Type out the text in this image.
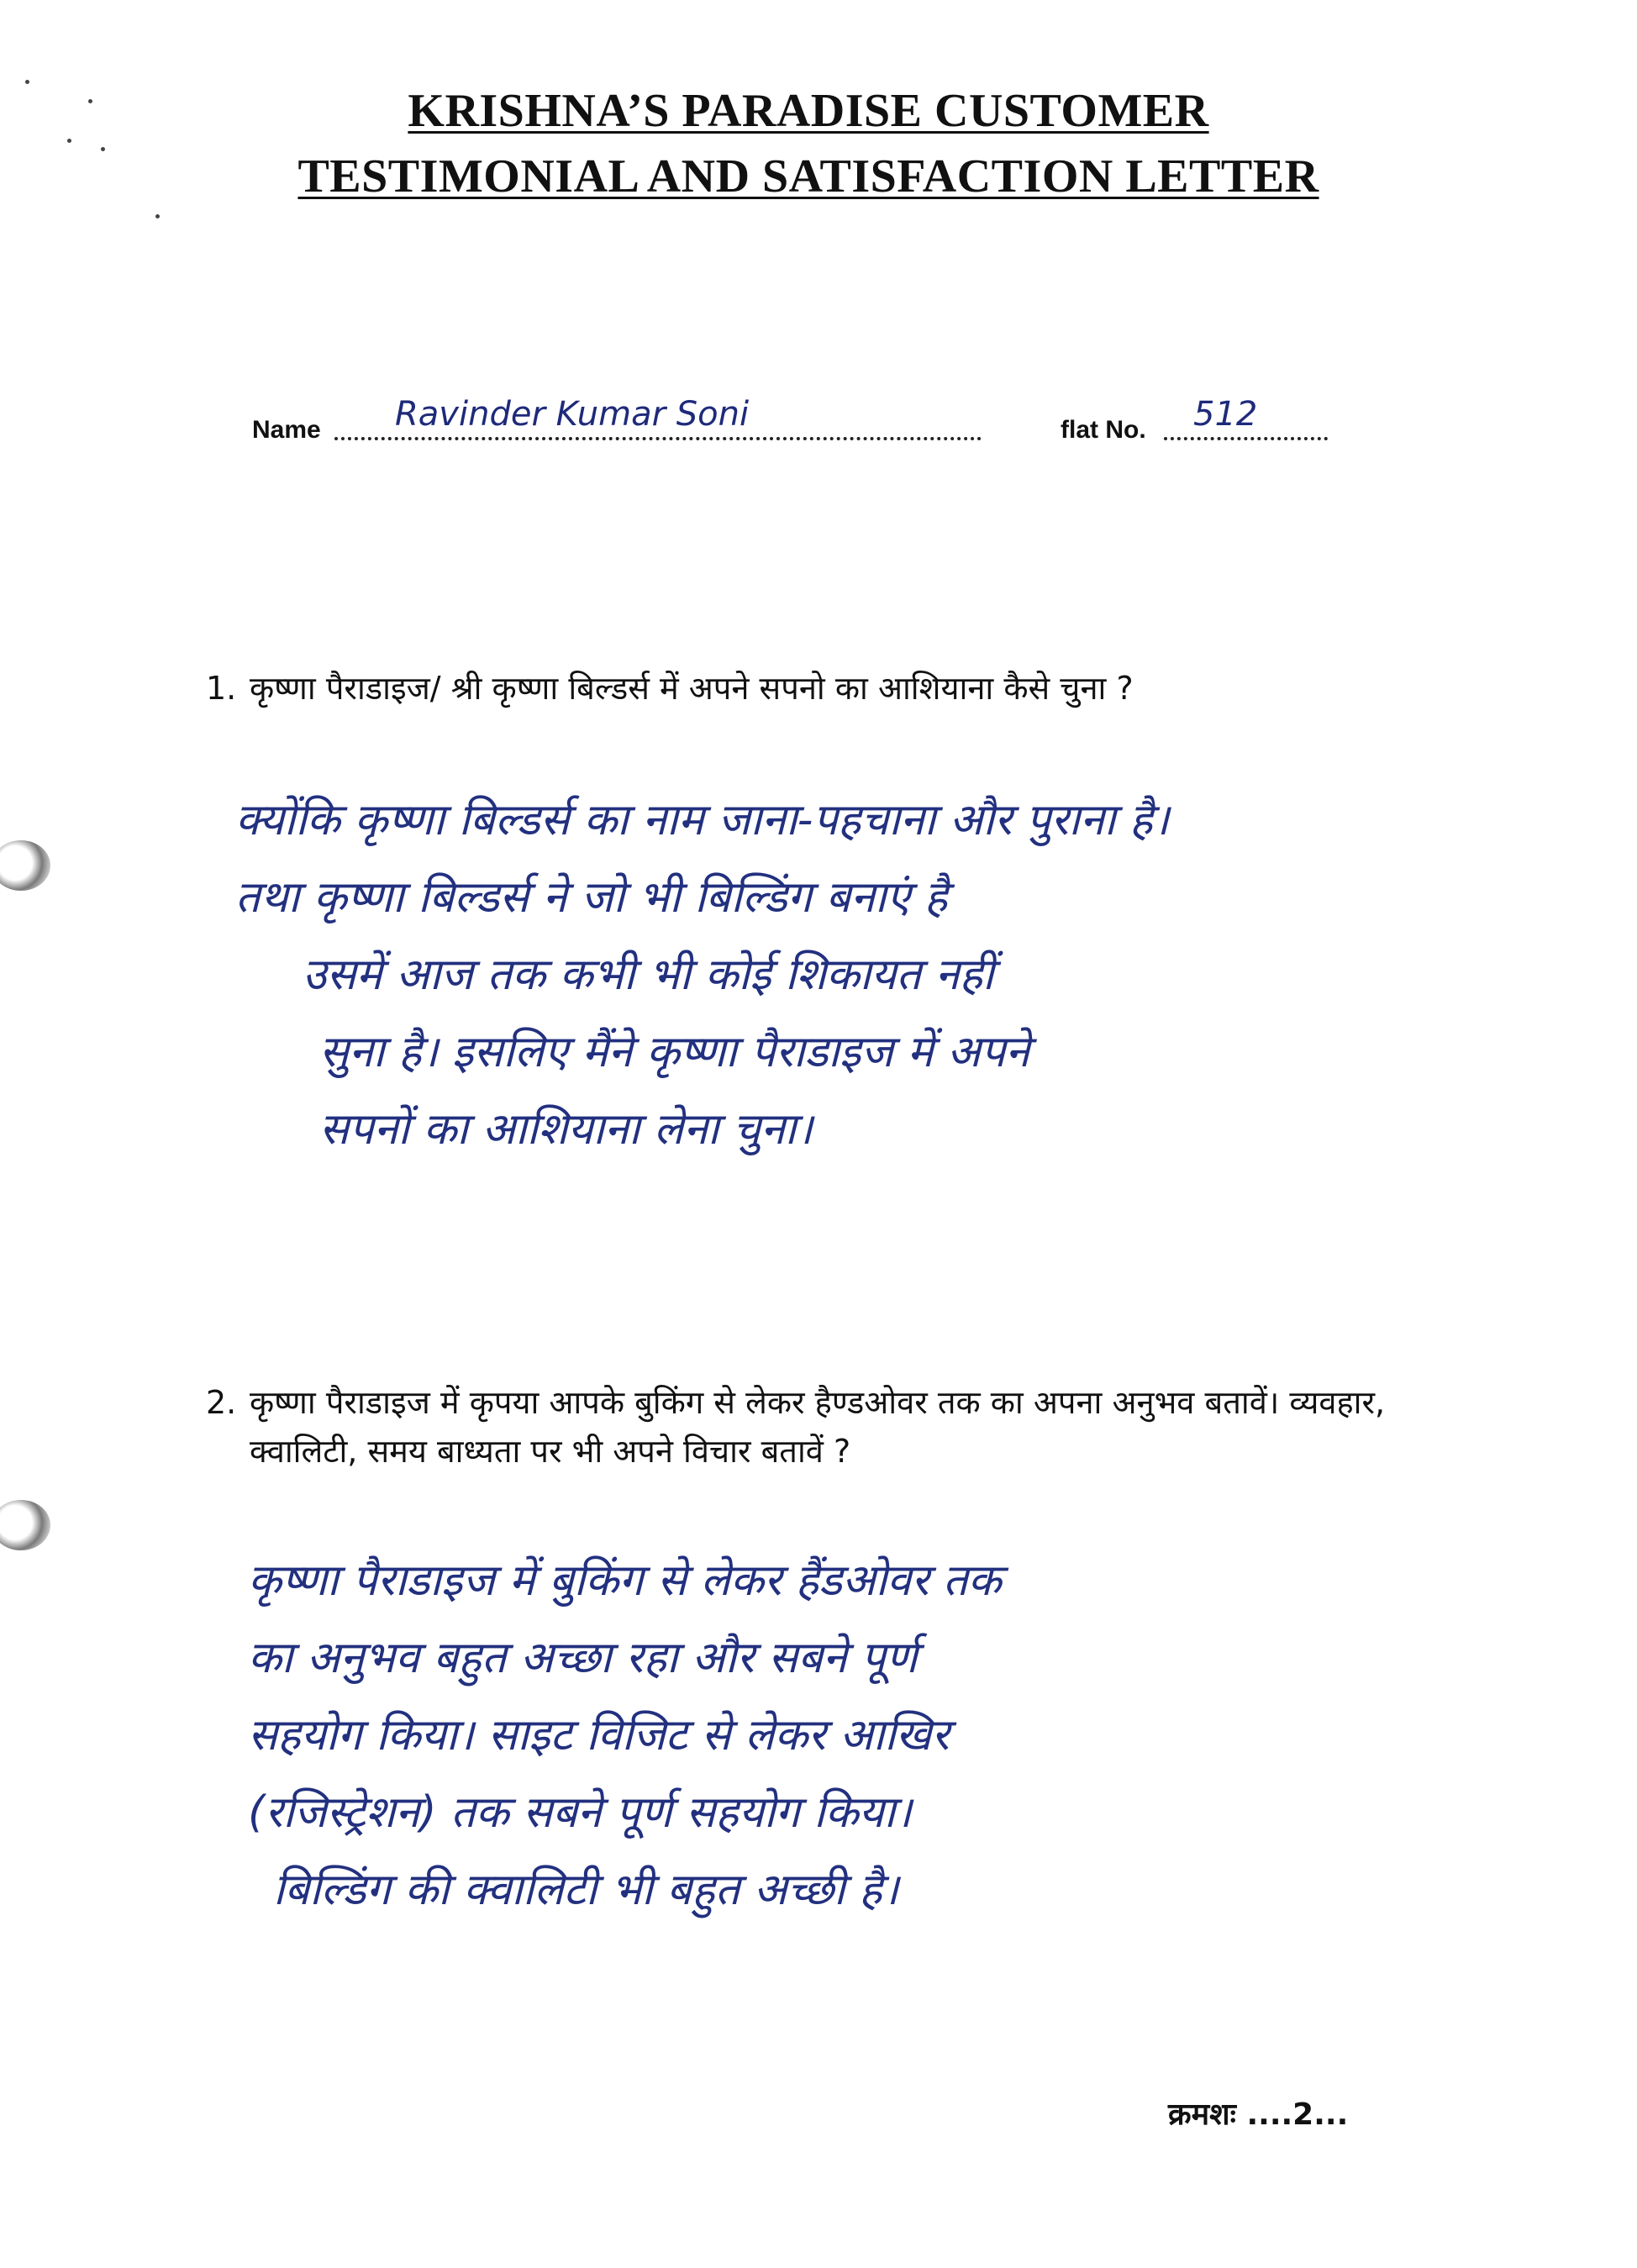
KRISHNA’S PARADISE CUSTOMER
TESTIMONIAL AND SATISFACTION LETTER
Name Ravinder Kumar Soni	flat No. 512
1. कृष्णा पैराडाइज/ श्री कृष्णा बिल्डर्स में अपने सपनो का आशियाना कैसे चुना ?
क्योंकि कृष्णा बिल्डर्स का नाम जाना-पहचाना और पुराना है।
तथा कृष्णा बिल्डर्स ने जो भी बिल्डिंग बनाएं है
उसमें आज तक कभी भी कोई शिकायत नहीं
सुना है। इसलिए मैंने कृष्णा पैराडाइज में अपने
सपनों का आशियाना लेना चुना।
2. कृष्णा पैराडाइज में कृपया आपके बुकिंग से लेकर हैण्डओवर तक का अपना अनुभव बतावें। व्यवहार, क्वालिटी, समय बाध्यता पर भी अपने विचार बतावें ?
कृष्णा पैराडाइज में बुकिंग से लेकर हैंडओवर तक
का अनुभव बहुत अच्छा रहा और सबने पूर्ण
सहयोग किया। साइट विजिट से लेकर आखिर
(रजिस्ट्रेशन) तक सबने पूर्ण सहयोग किया।
बिल्डिंग की क्वालिटी भी बहुत अच्छी है।
क्रमशः ....2...
